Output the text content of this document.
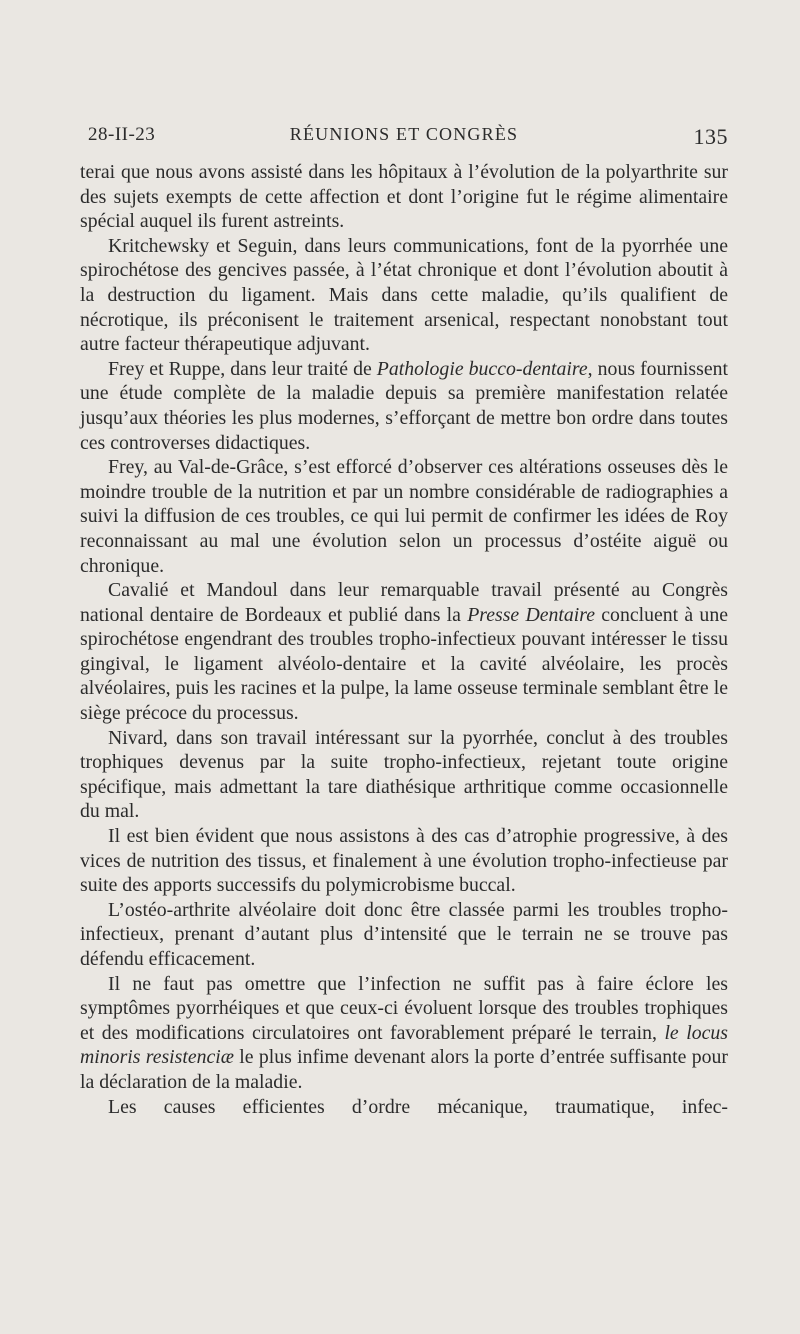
28-II-23	RÉUNIONS ET CONGRÈS	135

terai que nous avons assisté dans les hôpitaux à l’évolution de la polyarthrite sur des sujets exempts de cette affection et dont l’origine fut le régime alimentaire spécial auquel ils furent astreints.

Kritchewsky et Seguin, dans leurs communications, font de la pyorrhée une spirochétose des gencives passée, à l’état chronique et dont l’évolution aboutit à la destruction du ligament. Mais dans cette maladie, qu’ils qualifient de nécrotique, ils préconisent le traitement arsenical, respectant nonobstant tout autre facteur thérapeutique adjuvant.

Frey et Ruppe, dans leur traité de Pathologie bucco-dentaire, nous fournissent une étude complète de la maladie depuis sa première manifestation relatée jusqu’aux théories les plus modernes, s’efforçant de mettre bon ordre dans toutes ces controverses didactiques.

Frey, au Val-de-Grâce, s’est efforcé d’observer ces altérations osseuses dès le moindre trouble de la nutrition et par un nombre considérable de radiographies a suivi la diffusion de ces troubles, ce qui lui permit de confirmer les idées de Roy reconnaissant au mal une évolution selon un processus d’ostéite aiguë ou chronique.

Cavalié et Mandoul dans leur remarquable travail présenté au Congrès national dentaire de Bordeaux et publié dans la Presse Dentaire concluent à une spirochétose engendrant des troubles tropho-infectieux pouvant intéresser le tissu gingival, le ligament alvéolo-dentaire et la cavité alvéolaire, les procès alvéolaires, puis les racines et la pulpe, la lame osseuse terminale semblant être le siège précoce du processus.

Nivard, dans son travail intéressant sur la pyorrhée, conclut à des troubles trophiques devenus par la suite tropho-infectieux, rejetant toute origine spécifique, mais admettant la tare diathésique arthritique comme occasionnelle du mal.

Il est bien évident que nous assistons à des cas d’atrophie progressive, à des vices de nutrition des tissus, et finalement à une évolution tropho-infectieuse par suite des apports successifs du polymicrobisme buccal.

L’ostéo-arthrite alvéolaire doit donc être classée parmi les troubles tropho-infectieux, prenant d’autant plus d’intensité que le terrain ne se trouve pas défendu efficacement.

Il ne faut pas omettre que l’infection ne suffit pas à faire éclore les symptômes pyorrhéiques et que ceux-ci évoluent lorsque des troubles trophiques et des modifications circulatoires ont favorablement préparé le terrain, le locus minoris resistenciæ le plus infime devenant alors la porte d’entrée suffisante pour la déclaration de la maladie.

Les causes efficientes d’ordre mécanique, traumatique, infec-
